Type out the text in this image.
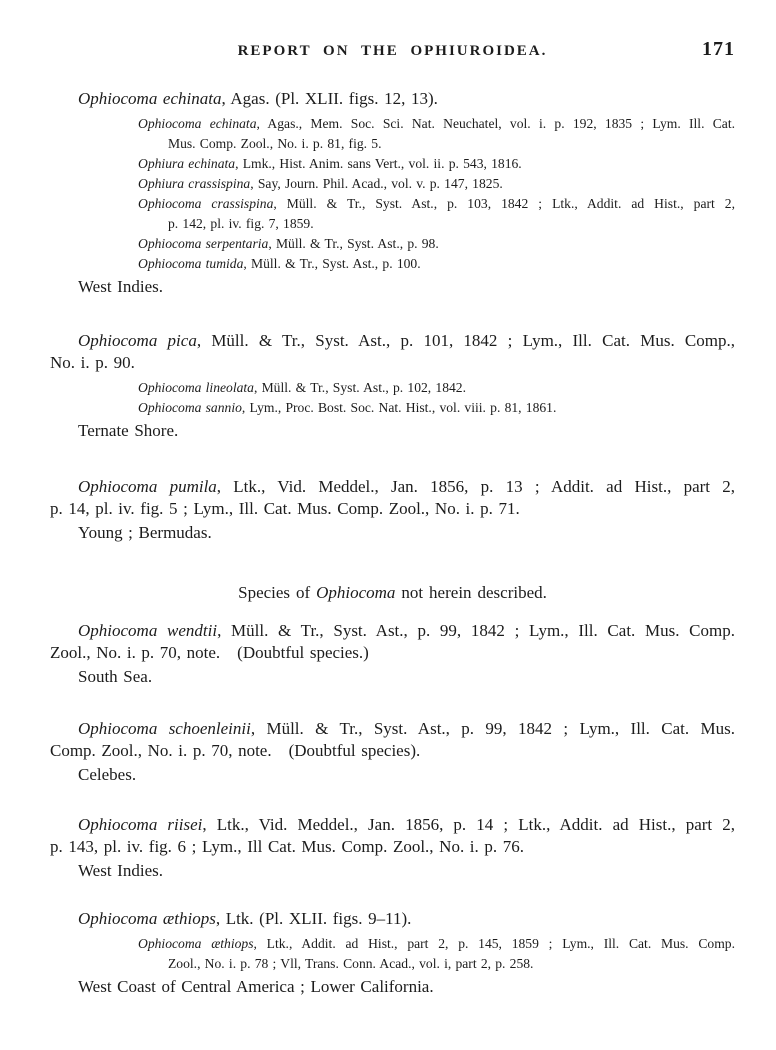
REPORT ON THE OPHIUROIDEA.	171

Ophiocoma echinata, Agas. (Pl. XLII. figs. 12, 13).

Ophiocoma echinata, Agas., Mem. Soc. Sci. Nat. Neuchatel, vol. i. p. 192, 1835 ; Lym. Ill. Cat.
Mus. Comp. Zool., No. i. p. 81, fig. 5.

Ophiura echinata, Lmk., Hist. Anim. sans Vert., vol. ii. p. 543, 1816.

Ophiura crassispina, Say, Journ. Phil. Acad., vol. v. p. 147, 1825.

Ophiocoma crassispina, Müll. & Tr., Syst. Ast., p. 103, 1842 ; Ltk., Addit. ad Hist., part 2,
p. 142, pl. iv. fig. 7, 1859.

Ophiocoma serpentaria, Müll. & Tr., Syst. Ast., p. 98.

Ophiocoma tumida, Müll. & Tr., Syst. Ast., p. 100.

West Indies.

Ophiocoma pica, Müll. & Tr., Syst. Ast., p. 101, 1842 ; Lym., Ill. Cat. Mus. Comp.,
No. i. p. 90.

Ophiocoma lineolata, Müll. & Tr., Syst. Ast., p. 102, 1842.

Ophiocoma sannio, Lym., Proc. Bost. Soc. Nat. Hist., vol. viii. p. 81, 1861.

Ternate Shore.

Ophiocoma pumila, Ltk., Vid. Meddel., Jan. 1856, p. 13 ; Addit. ad Hist., part 2,
p. 14, pl. iv. fig. 5 ; Lym., Ill. Cat. Mus. Comp. Zool., No. i. p. 71.

Young ; Bermudas.

Species of Ophiocoma not herein described.

Ophiocoma wendtii, Müll. & Tr., Syst. Ast., p. 99, 1842 ; Lym., Ill. Cat. Mus. Comp.
Zool., No. i. p. 70, note. (Doubtful species.)

South Sea.

Ophiocoma schoenleinii, Müll. & Tr., Syst. Ast., p. 99, 1842 ; Lym., Ill. Cat. Mus.
Comp. Zool., No. i. p. 70, note. (Doubtful species).

Celebes.

Ophiocoma riisei, Ltk., Vid. Meddel., Jan. 1856, p. 14 ; Ltk., Addit. ad Hist., part 2,
p. 143, pl. iv. fig. 6 ; Lym., Ill Cat. Mus. Comp. Zool., No. i. p. 76.

West Indies.

Ophiocoma æthiops, Ltk. (Pl. XLII. figs. 9–11).

Ophiocoma æthiops, Ltk., Addit. ad Hist., part 2, p. 145, 1859 ; Lym., Ill. Cat. Mus. Comp.
Zool., No. i. p. 78 ; Vll, Trans. Conn. Acad., vol. i, part 2, p. 258.

West Coast of Central America ; Lower California.
